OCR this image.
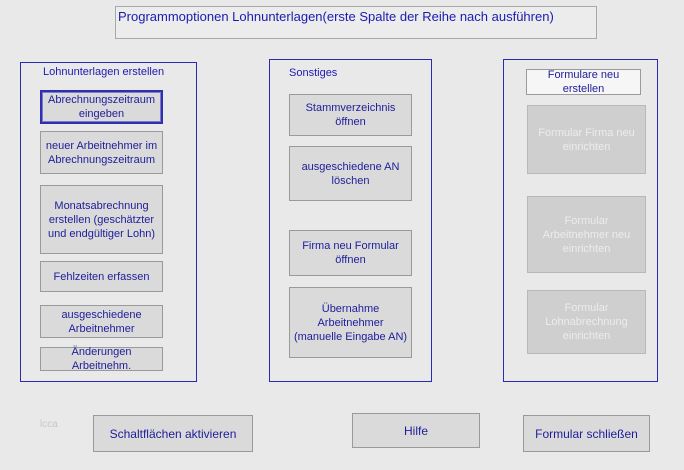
Programmoptionen Lohnunterlagen(erste Spalte der Reihe nach ausführen)
Lohnunterlagen erstellen
Abrechnungszeitraum eingeben
neuer Arbeitnehmer im Abrechnungszeitraum
Monatsabrechnung erstellen (geschätzter und endgültiger Lohn)
Fehlzeiten erfassen
ausgeschiedene Arbeitnehmer
Änderungen Arbeitnehm.
Sonstiges
Stammverzeichnis öffnen
ausgeschiedene AN löschen
Firma neu Formular öffnen
Übernahme Arbeitnehmer (manuelle Eingabe AN)
Formulare neu erstellen
Formular Firma neu einrichten
Formular Arbeitnehmer neu einrichten
Formular Lohnabrechnung einrichten
lcca
Schaltflächen aktivieren	Hilfe	Formular schließen
